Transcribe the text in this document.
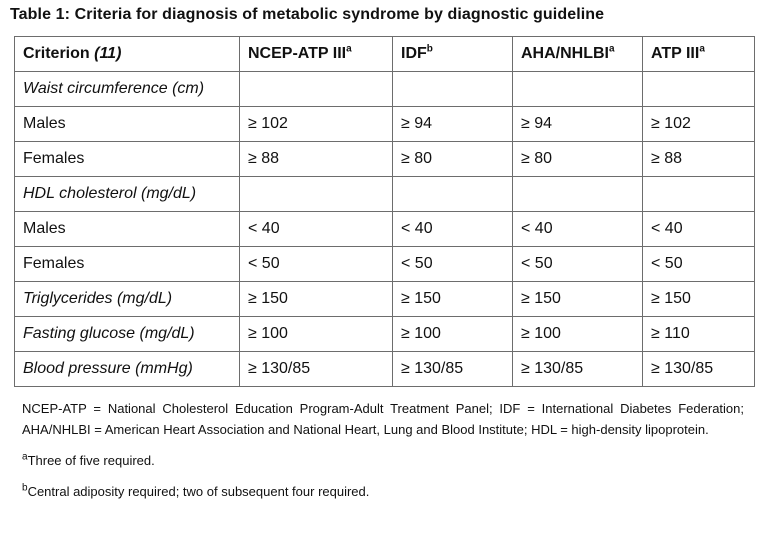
Table 1: Criteria for diagnosis of metabolic syndrome by diagnostic guideline
Criterion (11)	NCEP-ATP III$^a$	IDF$^b$	AHA/NHLBI$^a$	ATP III$^a$
Waist circumference (cm)				
Males	≥ 102	≥ 94	≥ 94	≥ 102
Females	≥ 88	≥ 80	≥ 80	≥ 88
HDL cholesterol (mg/dL)				
Males	< 40	< 40	< 40	< 40
Females	< 50	< 50	< 50	< 50
Triglycerides (mg/dL)	≥ 150	≥ 150	≥ 150	≥ 150
Fasting glucose (mg/dL)	≥ 100	≥ 100	≥ 100	≥ 110
Blood pressure (mmHg)	≥ 130/85	≥ 130/85	≥ 130/85	≥ 130/85

NCEP-ATP = National Cholesterol Education Program-Adult Treatment Panel; IDF = International Diabetes Federation; AHA/NHLBI = American Heart Association and National Heart, Lung and Blood Institute; HDL = high-density lipoprotein.

$^a$Three of five required.

$^b$Central adiposity required; two of subsequent four required.
